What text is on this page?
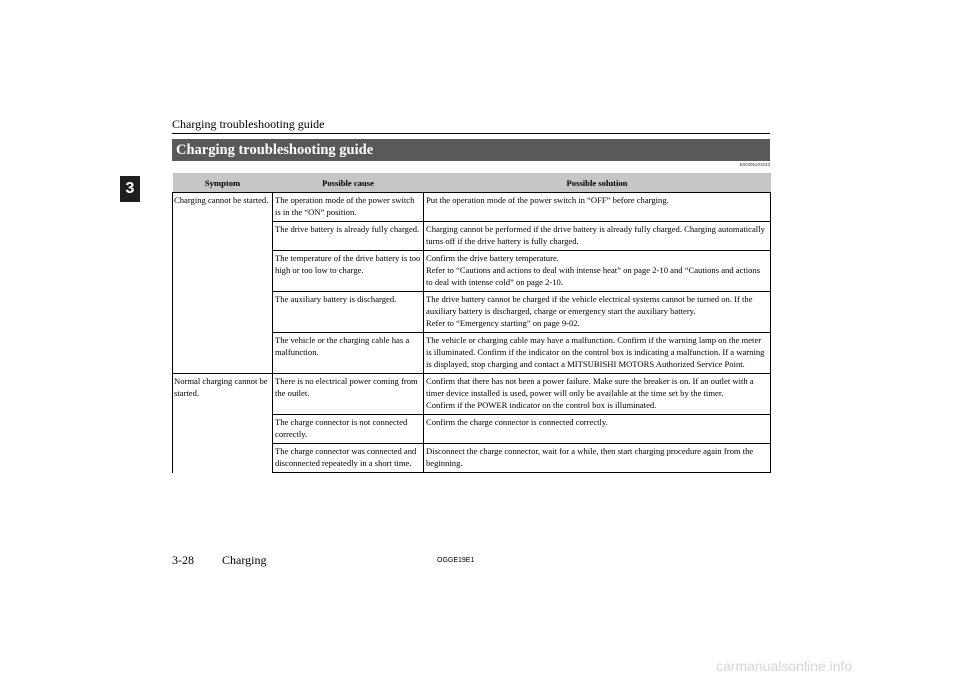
Charging troubleshooting guide
3
Charging troubleshooting guide
E00305101243
Symptom	Possible cause	Possible solution
Charging cannot be started.	The operation mode of the power switch is in the “ON” position.	Put the operation mode of the power switch in “OFF” before charging.

	The drive battery is already fully charged.	Charging cannot be performed if the drive battery is already fully charged. Charging automatically turns off if the drive battery is fully charged.

	The temperature of the drive battery is too high or too low to charge.	Confirm the drive battery temperature.
Refer to “Cautions and actions to deal with intense heat” on page 2-10 and “Cautions and actions to deal with intense cold” on page 2-10.

	The auxiliary battery is discharged.	The drive battery cannot be charged if the vehicle electrical systems cannot be turned on. If the auxiliary battery is discharged, charge or emergency start the auxiliary battery.
Refer to “Emergency starting” on page 9-02.

	The vehicle or the charging cable has a malfunction.	The vehicle or charging cable may have a malfunction. Confirm if the warning lamp on the meter is illuminated. Confirm if the indicator on the control box is indicating a malfunction. If a warning is displayed, stop charging and contact a MITSUBISHI MOTORS Authorized Service Point.

Normal charging cannot be started.	There is no electrical power coming from the outlet.	Confirm that there has not been a power failure. Make sure the breaker is on. If an outlet with a timer device installed is used, power will only be available at the time set by the timer.
Confirm if the POWER indicator on the control box is illuminated.

	The charge connector is not connected correctly.	Confirm the charge connector is connected correctly.

	The charge connector was connected and disconnected repeatedly in a short time.	Disconnect the charge connector, wait for a while, then start charging procedure again from the beginning.
3-28 Charging	OGGE19E1
carmanualsonline.info
